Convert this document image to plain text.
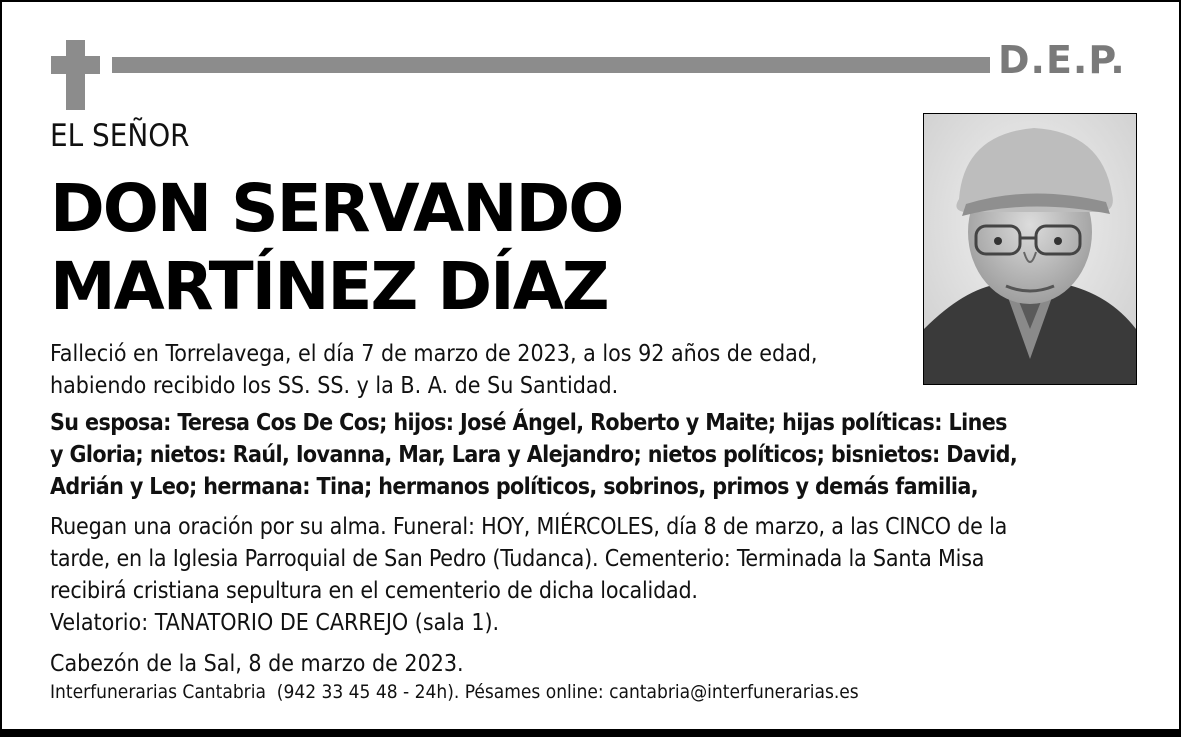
D.E.P.
EL SEÑOR
DON SERVANDO
MARTÍNEZ DÍAZ
Falleció en Torrelavega, el día 7 de marzo de 2023, a los 92 años de edad,
habiendo recibido los SS. SS. y la B. A. de Su Santidad.
Su esposa: Teresa Cos De Cos; hijos: José Ángel, Roberto y Maite; hijas políticas: Lines
y Gloria; nietos: Raúl, Iovanna, Mar, Lara y Alejandro; nietos políticos; bisnietos: David,
Adrián y Leo; hermana: Tina; hermanos políticos, sobrinos, primos y demás familia,
Ruegan una oración por su alma. Funeral: HOY, MIÉRCOLES, día 8 de marzo, a las CINCO de la
tarde, en la Iglesia Parroquial de San Pedro (Tudanca). Cementerio: Terminada la Santa Misa
recibirá cristiana sepultura en el cementerio de dicha localidad.
Velatorio: TANATORIO DE CARREJO (sala 1).
Cabezón de la Sal, 8 de marzo de 2023.
Interfunerarias Cantabria  (942 33 45 48 - 24h). Pésames online: cantabria@interfunerarias.es
